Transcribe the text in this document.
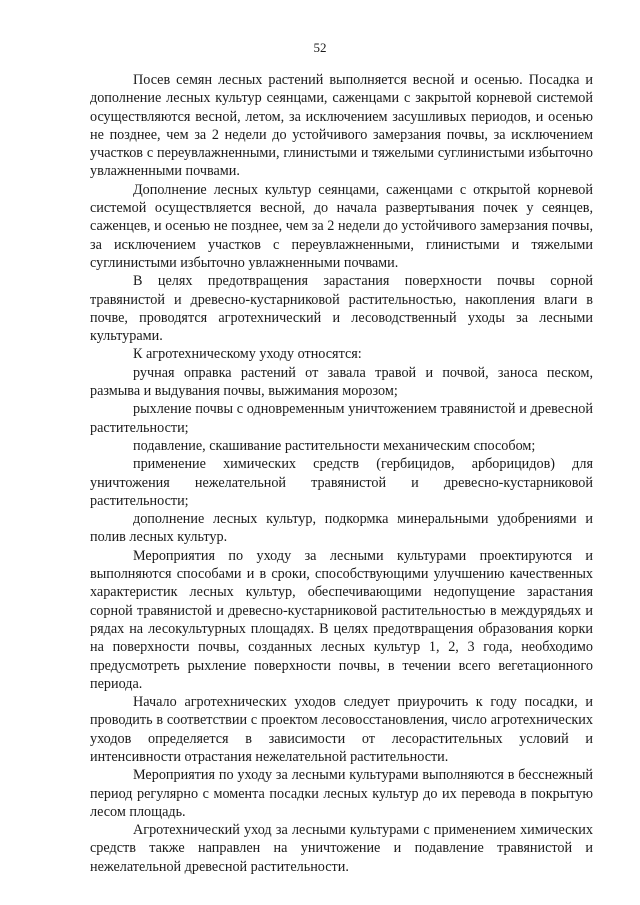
52

Посев семян лесных растений выполняется весной и осенью. Посадка и дополнение лесных культур сеянцами, саженцами с закрытой корневой системой осуществляются весной, летом, за исключением засушливых периодов, и осенью не позднее, чем за 2 недели до устойчивого замерзания почвы, за исключением участков с переувлажненными, глинистыми и тяжелыми суглинистыми избыточно увлажненными почвами.

Дополнение лесных культур сеянцами, саженцами с открытой корневой системой осуществляется весной, до начала развертывания почек у сеянцев, саженцев, и осенью не позднее, чем за 2 недели до устойчивого замерзания почвы, за исключением участков с переувлажненными, глинистыми и тяжелыми суглинистыми избыточно увлажненными почвами.

В целях предотвращения зарастания поверхности почвы сорной травянистой и древесно-кустарниковой растительностью, накопления влаги в почве, проводятся агротехнический и лесоводственный уходы за лесными культурами.

К агротехническому уходу относятся:

ручная оправка растений от завала травой и почвой, заноса песком, размыва и выдувания почвы, выжимания морозом;

рыхление почвы с одновременным уничтожением травянистой и древесной растительности;

подавление, скашивание растительности механическим способом;

применение химических средств (гербицидов, арборицидов) для уничтожения нежелательной травянистой и древесно-кустарниковой растительности;

дополнение лесных культур, подкормка минеральными удобрениями и полив лесных культур.

Мероприятия по уходу за лесными культурами проектируются и выполняются способами и в сроки, способствующими улучшению качественных характеристик лесных культур, обеспечивающими недопущение зарастания сорной травянистой и древесно-кустарниковой растительностью в междурядьях и рядах на лесокультурных площадях. В целях предотвращения образования корки на поверхности почвы, созданных лесных культур 1, 2, 3 года, необходимо предусмотреть рыхление поверхности почвы, в течении всего вегетационного периода.

Начало агротехнических уходов следует приурочить к году посадки, и проводить в соответствии с проектом лесовосстановления, число агротехнических уходов определяется в зависимости от лесорастительных условий и интенсивности отрастания нежелательной растительности.

Мероприятия по уходу за лесными культурами выполняются в бесснежный период регулярно с момента посадки лесных культур до их перевода в покрытую лесом площадь.

Агротехнический уход за лесными культурами с применением химических средств также направлен на уничтожение и подавление травянистой и нежелательной древесной растительности.
